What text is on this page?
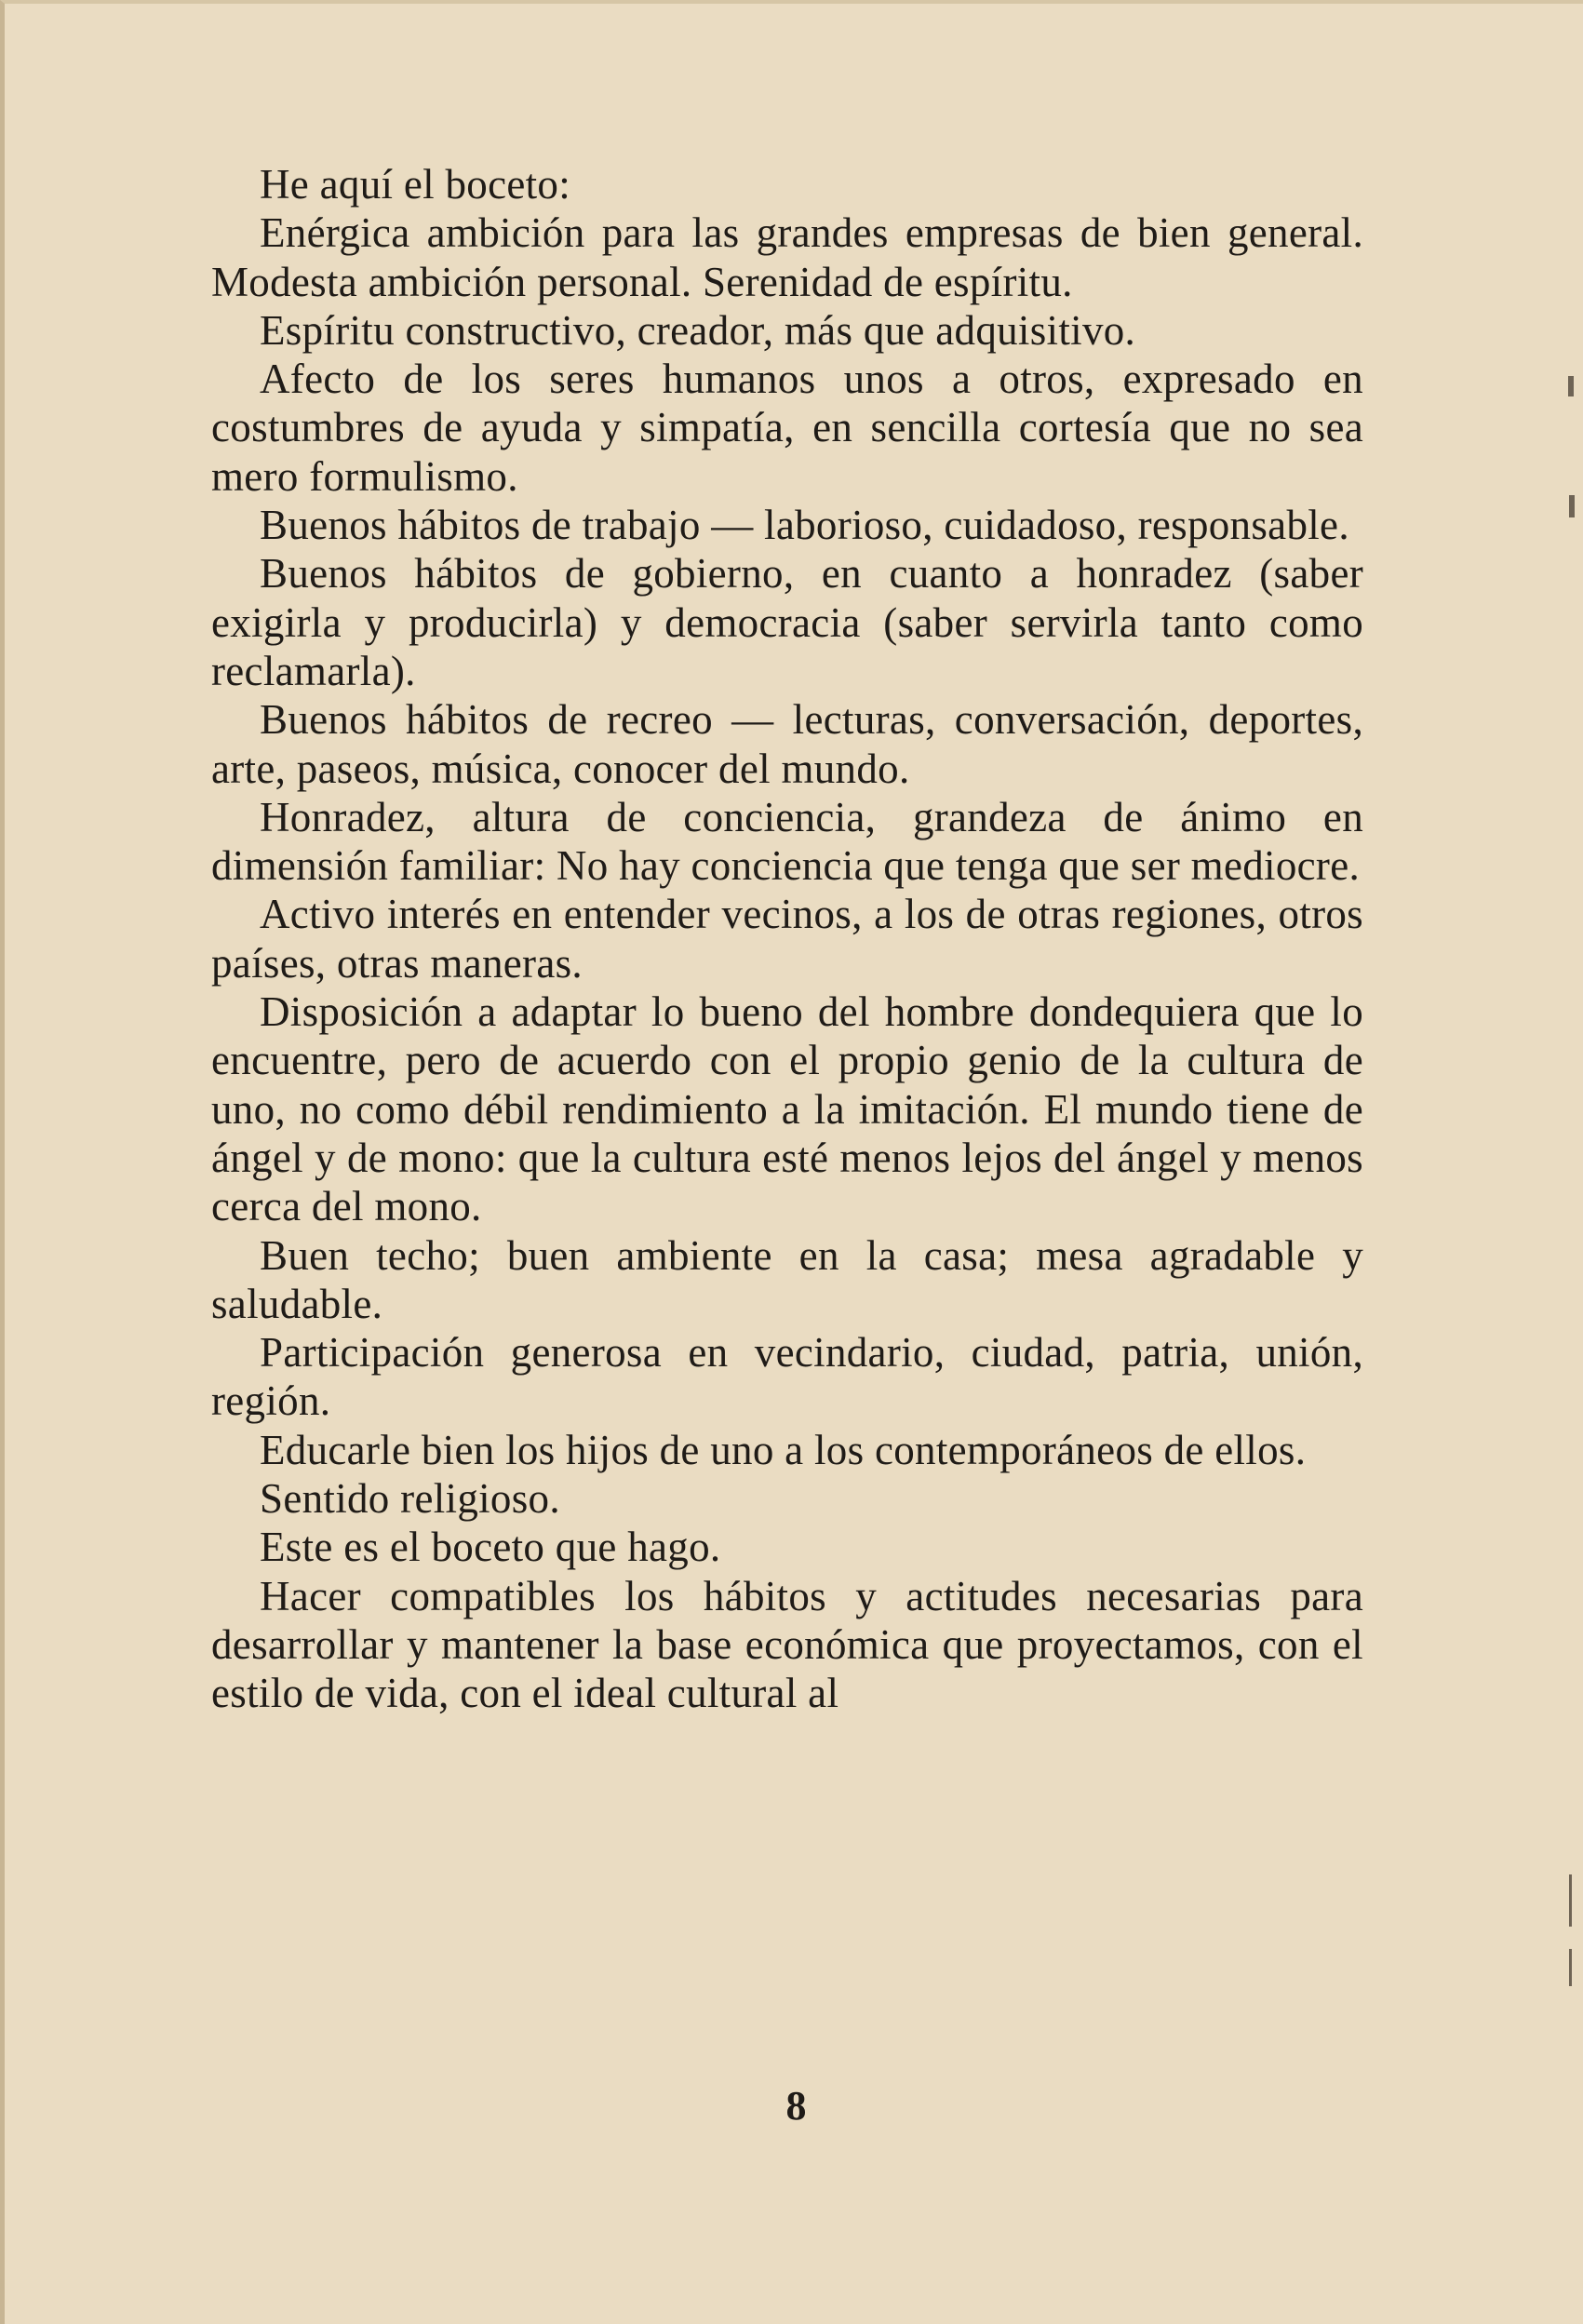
He aquí el boceto:

Enérgica ambición para las grandes empresas de bien general. Modesta ambición personal. Serenidad de espíritu.

Espíritu constructivo, creador, más que adquisitivo.

Afecto de los seres humanos unos a otros, expresado en costumbres de ayuda y simpatía, en sencilla cortesía que no sea mero formulismo.

Buenos hábitos de trabajo — laborioso, cuidadoso, responsable.

Buenos hábitos de gobierno, en cuanto a honradez (saber exigirla y producirla) y democracia (saber servirla tanto como reclamarla).

Buenos hábitos de recreo — lecturas, conversación, deportes, arte, paseos, música, conocer del mundo.

Honradez, altura de conciencia, grandeza de ánimo en dimensión familiar: No hay conciencia que tenga que ser mediocre.

Activo interés en entender vecinos, a los de otras regiones, otros países, otras maneras.

Disposición a adaptar lo bueno del hombre dondequiera que lo encuentre, pero de acuerdo con el propio genio de la cultura de uno, no como débil rendimiento a la imitación. El mundo tiene de ángel y de mono: que la cultura esté menos lejos del ángel y menos cerca del mono.

Buen techo; buen ambiente en la casa; mesa agradable y saludable.

Participación generosa en vecindario, ciudad, patria, unión, región.

Educarle bien los hijos de uno a los contemporáneos de ellos.

Sentido religioso.

Este es el boceto que hago.

Hacer compatibles los hábitos y actitudes necesarias para desarrollar y mantener la base económica que proyectamos, con el estilo de vida, con el ideal cultural al

8
